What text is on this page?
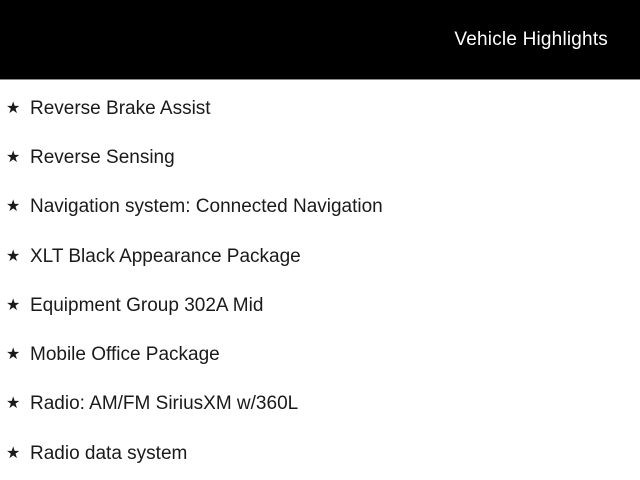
Vehicle Highlights
★ Reverse Brake Assist
★ Reverse Sensing
★ Navigation system: Connected Navigation
★ XLT Black Appearance Package
★ Equipment Group 302A Mid
★ Mobile Office Package
★ Radio: AM/FM SiriusXM w/360L
★ Radio data system
